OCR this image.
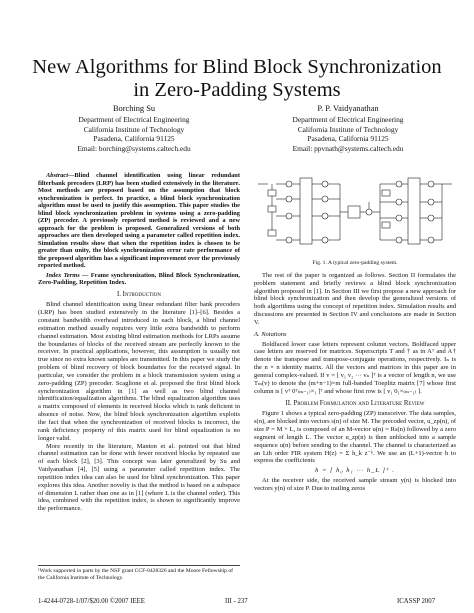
New Algorithms for Blind Block Synchronization
in Zero-Padding Systems
Borching Su
Department of Electrical Engineering
California Institute of Technology
Pasadena, California 91125
Email: borching@systems.caltech.edu
P. P. Vaidyanathan
Department of Electrical Engineering
California Institute of Technology
Pasadena, California 91125
Email: ppvnath@systems.caltech.edu

Abstract—Blind channel identification using linear redundant filterbank precoders (LRP) has been studied extensively in the literature. Most methods are proposed based on the assumption that block synchronization is perfect. In practice, a blind block synchronization algorithm must be used to justify this assumption. This paper studies the blind block synchronization problem in systems using a zero-padding (ZP) precoder. A previously reported method is reviewed and a new approach for the problem is proposed. Generalized versions of both approaches are then developed using a parameter called repetition index. Simulation results show that when the repetition index is chosen to be greater than unity, the block synchronization error rate performance of the proposed algorithm has a significant improvement over the previously reported method.

Index Terms — Frame synchronization, Blind Block Synchronization, Zero-Padding, Repetition Index.

I. Introduction

Blind channel identification using linear redundant filter bank precoders (LRP) has been studied extensively in the literature [1]–[6]. Besides a constant bandwidth overhead introduced in each block, a blind channel estimation method usually requires very little extra bandwidth to perform channel estimation. Most existing blind estimation methods for LRPs assume the boundaries of blocks of the received stream are perfectly known to the receiver. In practical applications, however, this assumption is usually not true since no extra known samples are transmitted. In this paper we study the problem of blind recovery of block boundaries for the received signal. In particular, we consider the problem in a block transmission system using a zero-padding (ZP) precoder. Scaglione et al. proposed the first blind block synchronization algorithm in [1] as well as two blind channel identification/equalization algorithms. The blind equalization algorithm uses a matrix composed of elements in received blocks which is rank deficient in absence of noise. Now, the blind block synchronization algorithm exploits the fact that when the synchronization of received blocks is incorrect, the rank deficiency property of this matrix used for blind equalization is no longer valid.

More recently in the literature, Manton et al. pointed out that blind channel estimation can be done with fewer received blocks by repeated use of each block [2], [3]. This concept was later generalized by Su and Vaidyanathan [4], [5] using a parameter called repetition index. The repetition index idea can also be used for blind synchronization. This paper explores this idea. Another novelty is that the method is based on a subspace of dimension L rather than one as in [1] (where L is the channel order). This idea, combined with the repetition index, is shown to significantly improve the performance.

¹Work supported in parts by the NSF grant CCF-0428326 and the Moore Fellowship of the California Institute of Technology.
Fig. 1. A typical zero-padding system.

The rest of the paper is organized as follows. Section II formulates the problem statement and briefly reviews a blind block synchronization algorithm proposed in [1]. In Section III we first propose a new approach for blind block synchronization and then develop the generalized versions of both algorithms using the concept of repetition index. Simulation results and discussions are presented in Section IV and conclusions are made in Section V.

A. Notations

Boldfaced lower case letters represent column vectors. Boldfaced upper case letters are reserved for matrices. Superscripts T and † as in Aᵀ and A† denote the transpose and transpose-conjugate operations, respectively. Iₙ is the n × n identity matrix. All the vectors and matrices in this paper are in general complex-valued. If v = [ v₁ v₂ ··· vₙ ]ᵀ is a vector of length n, we use Tₘ(v) to denote the (m+n−1)×m full-banded Toeplitz matrix [7] whose first column is [ vᵀ 0ᵀ₍ₘ₋₁₎×₁ ]ᵀ and whose first row is [ v₁ 0₁×₍ₘ₋₁₎ ].

II. Problem Formulation and Literature Review

Figure 1 shows a typical zero-padding (ZP) transceiver. The data samples, s(n), are blocked into vectors s(n) of size M. The precoded vector, u_zp(n), of size P = M + L, is composed of an M-vector u(n) = Rs(n) followed by a zero segment of length L. The vector u_zp(n) is then unblocked into a sample sequence u(n) before sending to the channel. The channel is characterized as an Lth order FIR system H(z) = Σ h_k z⁻ᵏ. We use an (L+1)-vector h to express the coefficients

h = [ h₀ h₁ ··· h_L ]ᵀ .

At the receiver side, the received sample stream y(n) is blocked into vectors y(n) of size P. Due to trailing zeros

1-4244-0728-1/07/$20.00 ©2007 IEEE	III - 237	ICASSP 2007
